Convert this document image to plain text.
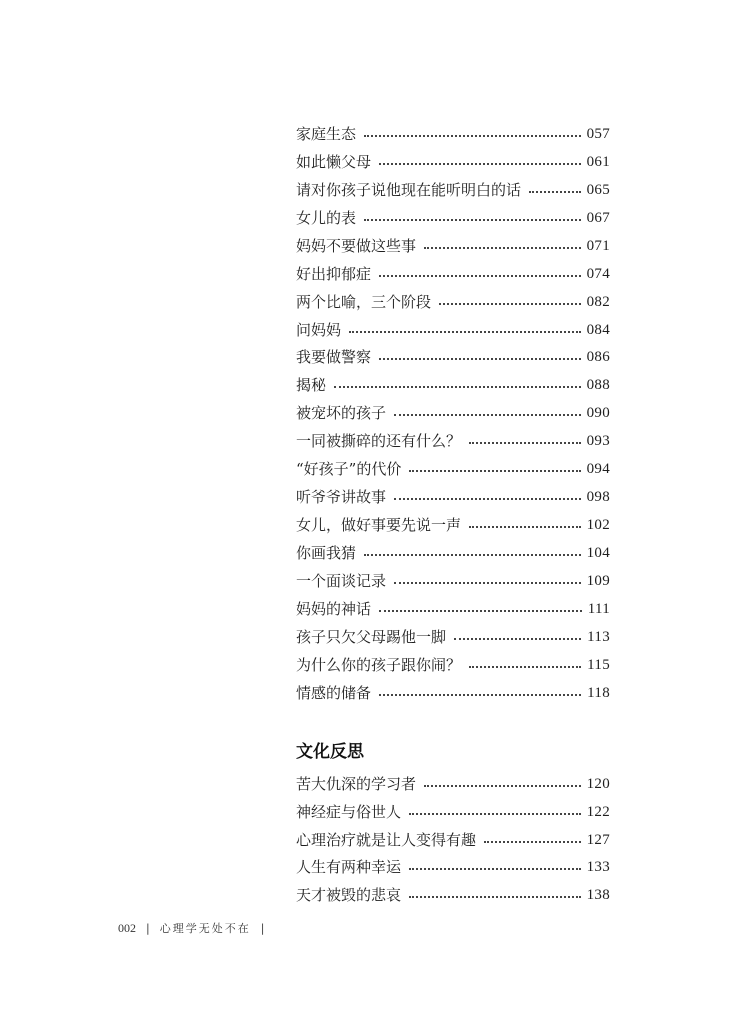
家庭生态	057
如此懒父母	061
请对你孩子说他现在能听明白的话	065
女儿的表	067
妈妈不要做这些事	071
好出抑郁症	074
两个比喻，三个阶段	082
问妈妈	084
我要做警察	086
揭秘	088
被宠坏的孩子	090
一同被撕碎的还有什么？	093
“好孩子”的代价	094
听爷爷讲故事	098
女儿，做好事要先说一声	102
你画我猜	104
一个面谈记录	109
妈妈的神话	111
孩子只欠父母踢他一脚	113
为什么你的孩子跟你闹？	115
情感的储备	118
文化反思
苦大仇深的学习者	120
神经症与俗世人	122
心理治疗就是让人变得有趣	127
人生有两种幸运	133
天才被毁的悲哀	138
002 | 心理学无处不在 |
